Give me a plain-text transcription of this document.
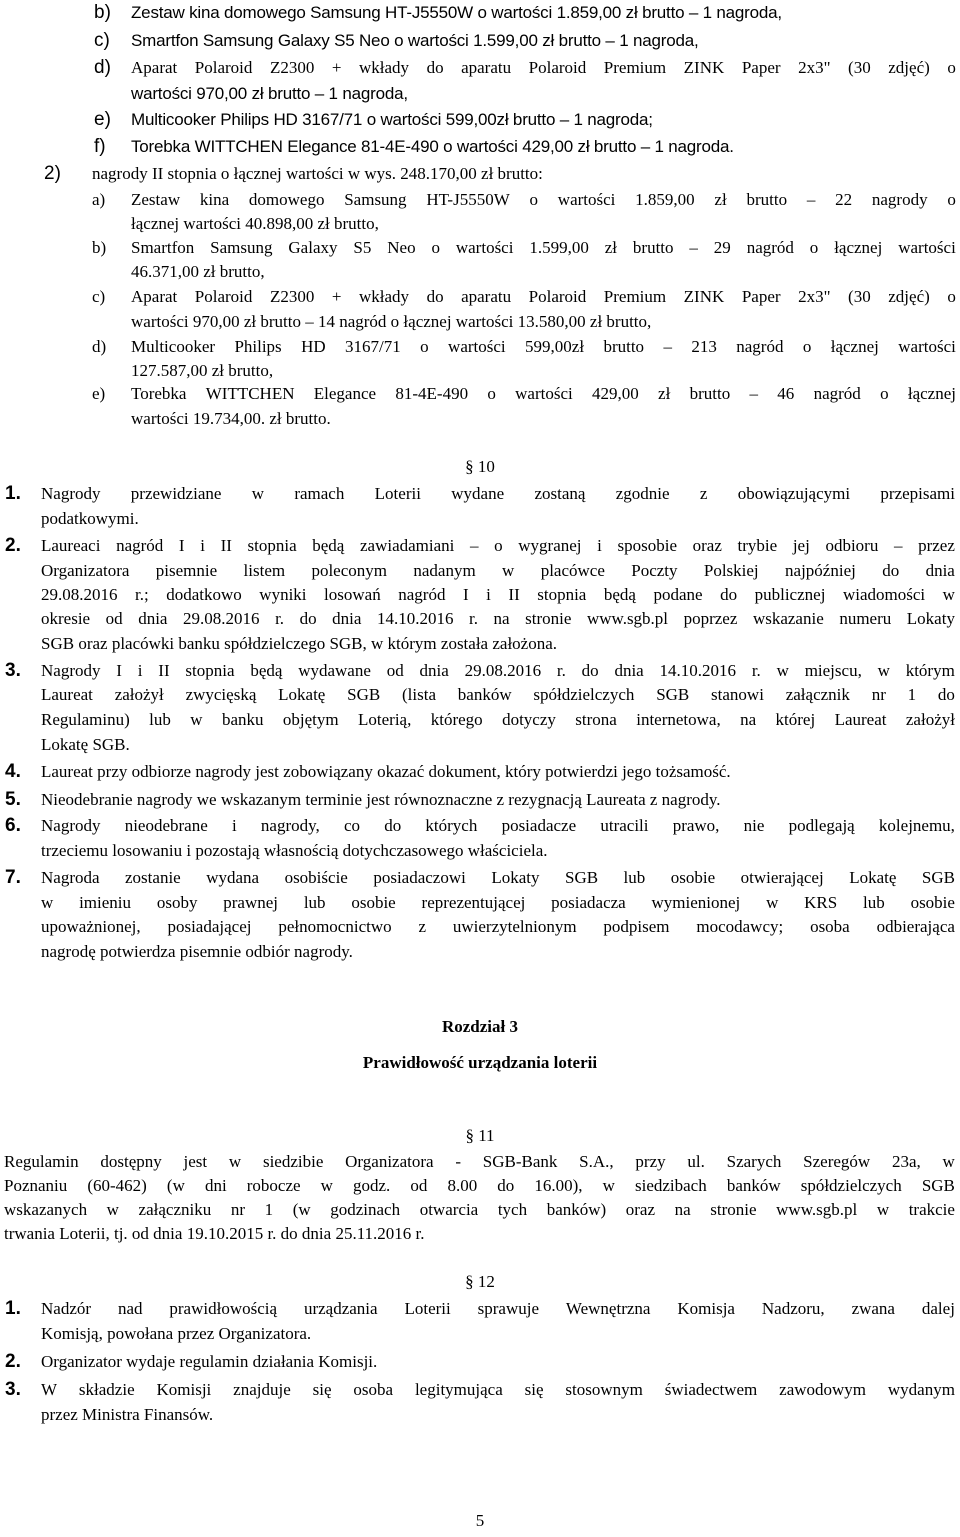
b) Zestaw kina domowego Samsung HT-J5550W o wartości 1.859,00 zł brutto – 1 nagroda,
c) Smartfon Samsung Galaxy S5 Neo o wartości 1.599,00 zł brutto – 1 nagroda,
d) Aparat Polaroid Z2300 + wkłady do aparatu Polaroid Premium ZINK Paper 2x3" (30 zdjęć) o
wartości 970,00 zł brutto – 1 nagroda,
e) Multicooker Philips HD 3167/71 o wartości 599,00zł brutto – 1 nagroda;
f) Torebka WITTCHEN Elegance 81-4E-490 o wartości 429,00 zł brutto – 1 nagroda.
2) nagrody II stopnia o łącznej wartości w wys. 248.170,00 zł brutto:
a) Zestaw kina domowego Samsung HT-J5550W o wartości 1.859,00 zł brutto – 22 nagrody o
łącznej wartości 40.898,00 zł brutto,
b) Smartfon Samsung Galaxy S5 Neo o wartości 1.599,00 zł brutto – 29 nagród o łącznej wartości
46.371,00 zł brutto,
c) Aparat Polaroid Z2300 + wkłady do aparatu Polaroid Premium ZINK Paper 2x3" (30 zdjęć) o
wartości 970,00 zł brutto – 14 nagród o łącznej wartości 13.580,00 zł brutto,
d) Multicooker Philips HD 3167/71 o wartości 599,00zł brutto – 213 nagród o łącznej wartości
127.587,00 zł brutto,
e) Torebka WITTCHEN Elegance 81-4E-490 o wartości 429,00 zł brutto – 46 nagród o łącznej
wartości 19.734,00. zł brutto.
§ 10
1. Nagrody przewidziane w ramach Loterii wydane zostaną zgodnie z obowiązującymi przepisami
podatkowymi.
2. Laureaci nagród I i II stopnia będą zawiadamiani – o wygranej i sposobie oraz trybie jej odbioru – przez
Organizatora pisemnie listem poleconym nadanym w placówce Poczty Polskiej najpóźniej do dnia
29.08.2016 r.; dodatkowo wyniki losowań nagród I i II stopnia będą podane do publicznej wiadomości w
okresie od dnia 29.08.2016 r. do dnia 14.10.2016 r. na stronie www.sgb.pl poprzez wskazanie numeru Lokaty
SGB oraz placówki banku spółdzielczego SGB, w którym została założona.
3. Nagrody I i II stopnia będą wydawane od dnia 29.08.2016 r. do dnia 14.10.2016 r. w miejscu, w którym
Laureat założył zwycięską Lokatę SGB (lista banków spółdzielczych SGB stanowi załącznik nr 1 do
Regulaminu) lub w banku objętym Loterią, którego dotyczy strona internetowa, na której Laureat założył
Lokatę SGB.
4. Laureat przy odbiorze nagrody jest zobowiązany okazać dokument, który potwierdzi jego tożsamość.
5. Nieodebranie nagrody we wskazanym terminie jest równoznaczne z rezygnacją Laureata z nagrody.
6. Nagrody nieodebrane i nagrody, co do których posiadacze utracili prawo, nie podlegają kolejnemu,
trzeciemu losowaniu i pozostają własnością dotychczasowego właściciela.
7. Nagroda zostanie wydana osobiście posiadaczowi Lokaty SGB lub osobie otwierającej Lokatę SGB
w imieniu osoby prawnej lub osobie reprezentującej posiadacza wymienionej w KRS lub osobie
upoważnionej, posiadającej pełnomocnictwo z uwierzytelnionym podpisem mocodawcy; osoba odbierająca
nagrodę potwierdza pisemnie odbiór nagrody.
Rozdział 3
Prawidłowość urządzania loterii
§ 11
Regulamin dostępny jest w siedzibie Organizatora - SGB-Bank S.A., przy ul. Szarych Szeregów 23a, w
Poznaniu (60-462) (w dni robocze w godz. od 8.00 do 16.00), w siedzibach banków spółdzielczych SGB
wskazanych w załączniku nr 1 (w godzinach otwarcia tych banków) oraz na stronie www.sgb.pl w trakcie
trwania Loterii, tj. od dnia 19.10.2015 r. do dnia 25.11.2016 r.
§ 12
1. Nadzór nad prawidłowością urządzania Loterii sprawuje Wewnętrzna Komisja Nadzoru, zwana dalej
Komisją, powołana przez Organizatora.
2. Organizator wydaje regulamin działania Komisji.
3. W składzie Komisji znajduje się osoba legitymująca się stosownym świadectwem zawodowym wydanym
przez Ministra Finansów.
5
